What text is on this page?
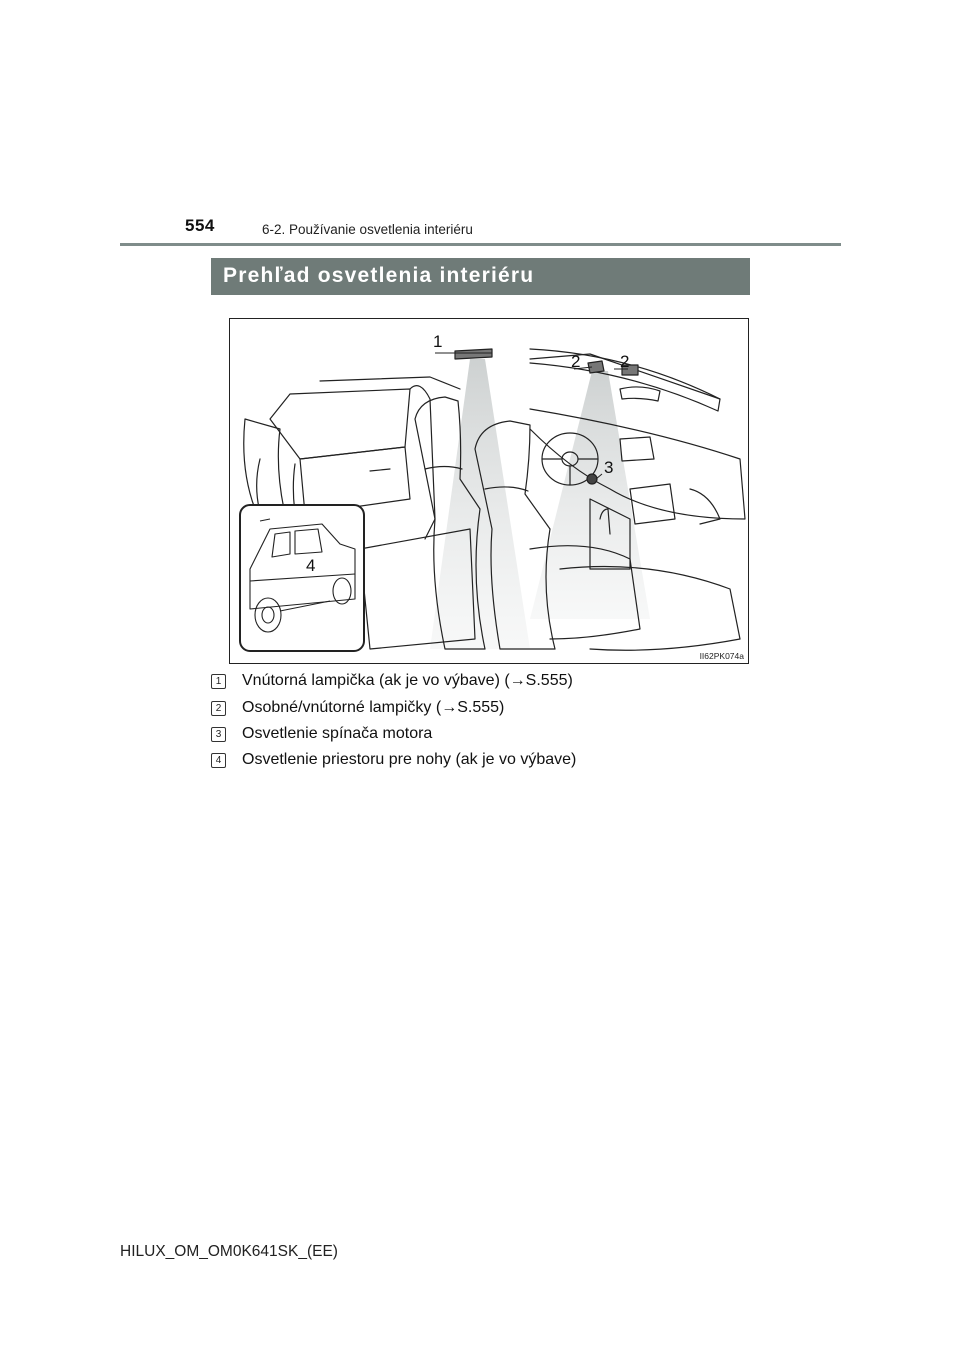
554	6-2. Používanie osvetlenia interiéru
Prehľad osvetlenia interiéru
1
2 2
3
4
II62PK074a
1 Vnútorná lampička (ak je vo výbave) (→S.555)
2 Osobné/vnútorné lampičky (→S.555)
3 Osvetlenie spínača motora
4 Osvetlenie priestoru pre nohy (ak je vo výbave)
HILUX_OM_OM0K641SK_(EE)
